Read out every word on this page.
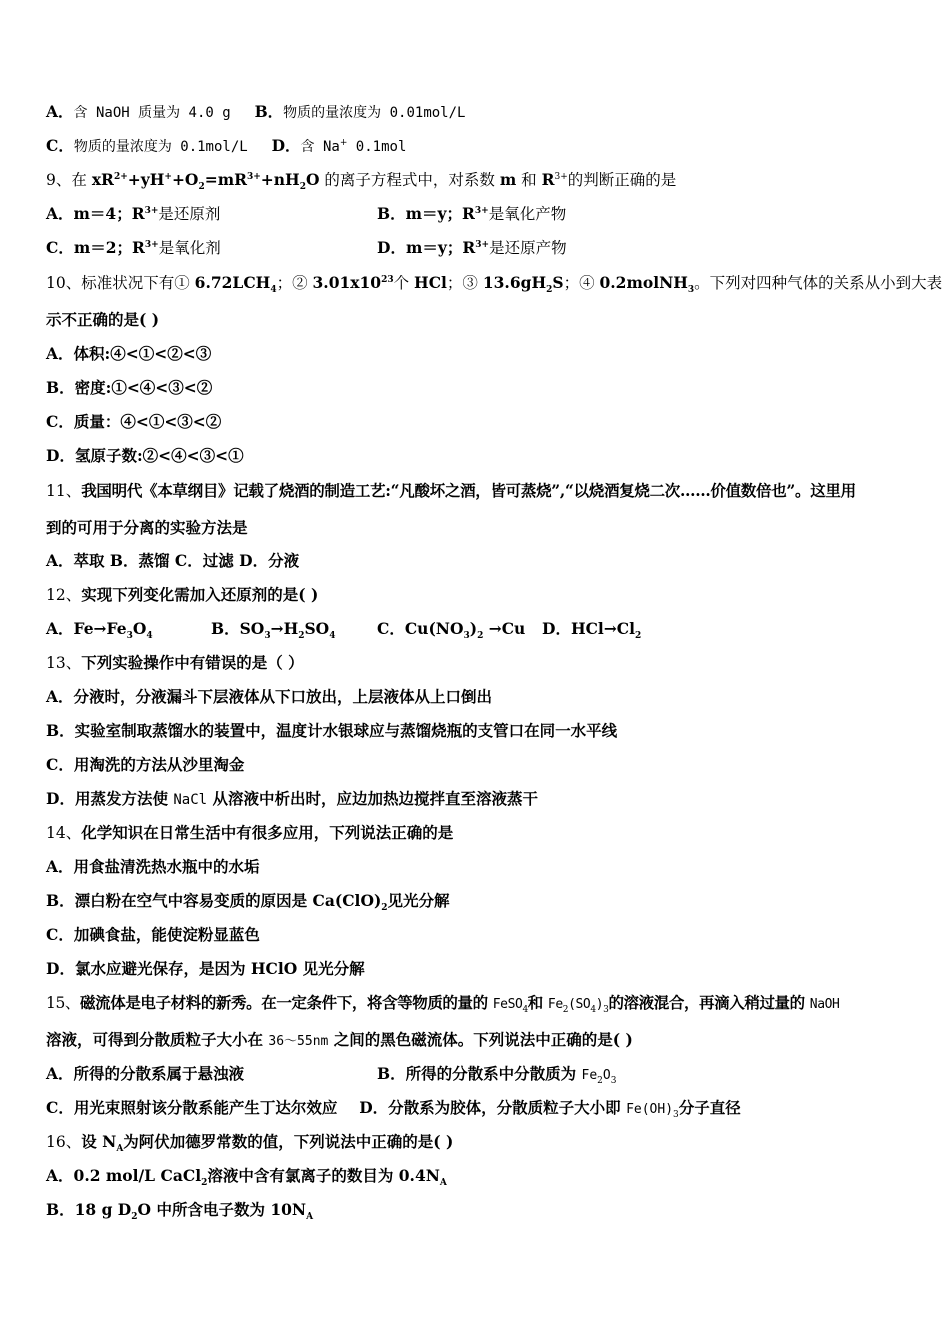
A．含 NaOH 质量为 4.0 g B．物质的量浓度为 0.01mol/L
C．物质的量浓度为 0.1mol/L D．含 Na+ 0.1mol
9、在 $xR^{2+}+yH^++O_2=mR^{3+}+nH_2O$ 的离子方程式中，对系数 m 和 $R^{3+}$的判断正确的是
A．m＝4；$R^{3+}$是还原剂	B．m＝y；$R^{3+}$是氧化产物
C．m＝2；$R^{3+}$是氧化剂	D．m＝y；$R^{3+}$是还原产物
10、标准状况下有① $6.72LCH_4$；② $3.01x10^{23}$个 HCl；③ $13.6gH_2S$；④ 0.2molNH$_3$。下列对四种气体的关系从小到大表
示不正确的是( )
A．体积:④<①<②<③
B．密度:①<④<③<②
C．质量：④<①<③<②
D．氢原子数:②<④<③<①
11、我国明代《本草纲目》记载了烧酒的制造工艺:“凡酸坏之酒，皆可蒸烧”,“以烧酒复烧二次……价值数倍也”。这里用
到的可用于分离的实验方法是
A．萃取 B．蒸馏 C．过滤 D．分液
12、实现下列变化需加入还原剂的是( )
A．$Fe\to Fe_3O_4$	B．$SO_3\to H_2SO_4$	C．$Cu(NO_3)_2 \to Cu$ D．$HCl\to Cl_2$
13、下列实验操作中有错误的是（ ）
A．分液时，分液漏斗下层液体从下口放出，上层液体从上口倒出
B．实验室制取蒸馏水的装置中，温度计水银球应与蒸馏烧瓶的支管口在同一水平线
C．用淘洗的方法从沙里淘金
D．用蒸发方法使 NaCl 从溶液中析出时，应边加热边搅拌直至溶液蒸干
14、化学知识在日常生活中有很多应用，下列说法正确的是
A．用食盐清洗热水瓶中的水垢
B．漂白粉在空气中容易变质的原因是 $Ca(ClO)_2$见光分解
C．加碘食盐，能使淀粉显蓝色
D．氯水应避光保存，是因为 HClO 见光分解
15、磁流体是电子材料的新秀。在一定条件下，将含等物质的量的 FeSO$_4$和 $Fe_2(SO_4)_3$的溶液混合，再滴入稍过量的 NaOH
溶液，可得到分散质粒子大小在 36～55nm 之间的黑色磁流体。下列说法中正确的是( )
A．所得的分散系属于悬浊液	B．所得的分散系中分散质为 $Fe_2O_3$
C．用光束照射该分散系能产生丁达尔效应 D．分散系为胶体，分散质粒子大小即 $Fe(OH)_3$分子直径
16、设 $N_A$为阿伏加德罗常数的值，下列说法中正确的是( )
A．0.2 mol/L CaCl$_2$溶液中含有氯离子的数目为 $0.4N_A$
B．18 g $D_2O$ 中所含电子数为 $10N_A$
